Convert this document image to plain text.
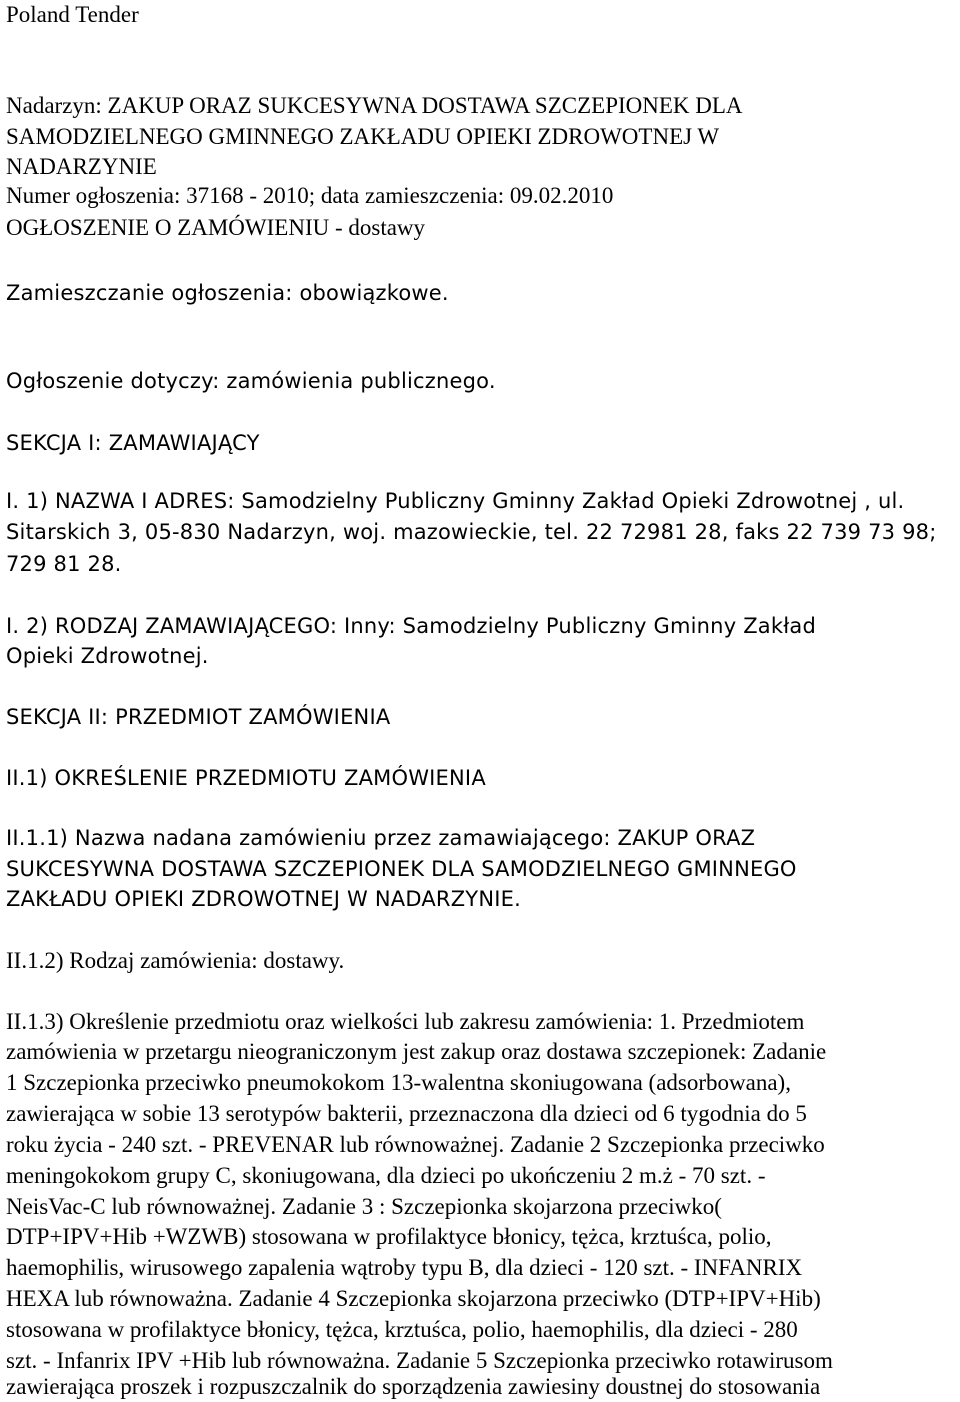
Poland Tender
Nadarzyn: ZAKUP ORAZ SUKCESYWNA DOSTAWA SZCZEPIONEK DLA
SAMODZIELNEGO GMINNEGO ZAKŁADU OPIEKI ZDROWOTNEJ W
NADARZYNIE
Numer ogłoszenia: 37168 - 2010; data zamieszczenia: 09.02.2010
OGŁOSZENIE O ZAMÓWIENIU - dostawy
Zamieszczanie ogłoszenia: obowiązkowe.
Ogłoszenie dotyczy: zamówienia publicznego.
SEKCJA I: ZAMAWIAJĄCY
I. 1) NAZWA I ADRES: Samodzielny Publiczny Gminny Zakład Opieki Zdrowotnej , ul.
Sitarskich 3, 05-830 Nadarzyn, woj. mazowieckie, tel. 22 72981 28, faks 22 739 73 98;
729 81 28.
I. 2) RODZAJ ZAMAWIAJĄCEGO: Inny: Samodzielny Publiczny Gminny Zakład
Opieki Zdrowotnej.
SEKCJA II: PRZEDMIOT ZAMÓWIENIA
II.1) OKREŚLENIE PRZEDMIOTU ZAMÓWIENIA
II.1.1) Nazwa nadana zamówieniu przez zamawiającego: ZAKUP ORAZ
SUKCESYWNA DOSTAWA SZCZEPIONEK DLA SAMODZIELNEGO GMINNEGO
ZAKŁADU OPIEKI ZDROWOTNEJ W NADARZYNIE.
II.1.2) Rodzaj zamówienia: dostawy.
II.1.3) Określenie przedmiotu oraz wielkości lub zakresu zamówienia: 1. Przedmiotem
zamówienia w przetargu nieograniczonym jest zakup oraz dostawa szczepionek: Zadanie
1 Szczepionka przeciwko pneumokokom 13-walentna skoniugowana (adsorbowana),
zawierająca w sobie 13 serotypów bakterii, przeznaczona dla dzieci od 6 tygodnia do 5
roku życia - 240 szt. - PREVENAR lub równoważnej. Zadanie 2 Szczepionka przeciwko
meningokokom grupy C, skoniugowana, dla dzieci po ukończeniu 2 m.ż - 70 szt. -
NeisVac-C lub równoważnej. Zadanie 3 : Szczepionka skojarzona przeciwko(
DTP+IPV+Hib +WZWB) stosowana w profilaktyce błonicy, tężca, krztuśca, polio,
haemophilis, wirusowego zapalenia wątroby typu B, dla dzieci - 120 szt. - INFANRIX
HEXA lub równoważna. Zadanie 4 Szczepionka skojarzona przeciwko (DTP+IPV+Hib)
stosowana w profilaktyce błonicy, tężca, krztuśca, polio, haemophilis, dla dzieci - 280
szt. - Infanrix IPV +Hib lub równoważna. Zadanie 5 Szczepionka przeciwko rotawirusom
zawierająca proszek i rozpuszczalnik do sporządzenia zawiesiny doustnej do stosowania
